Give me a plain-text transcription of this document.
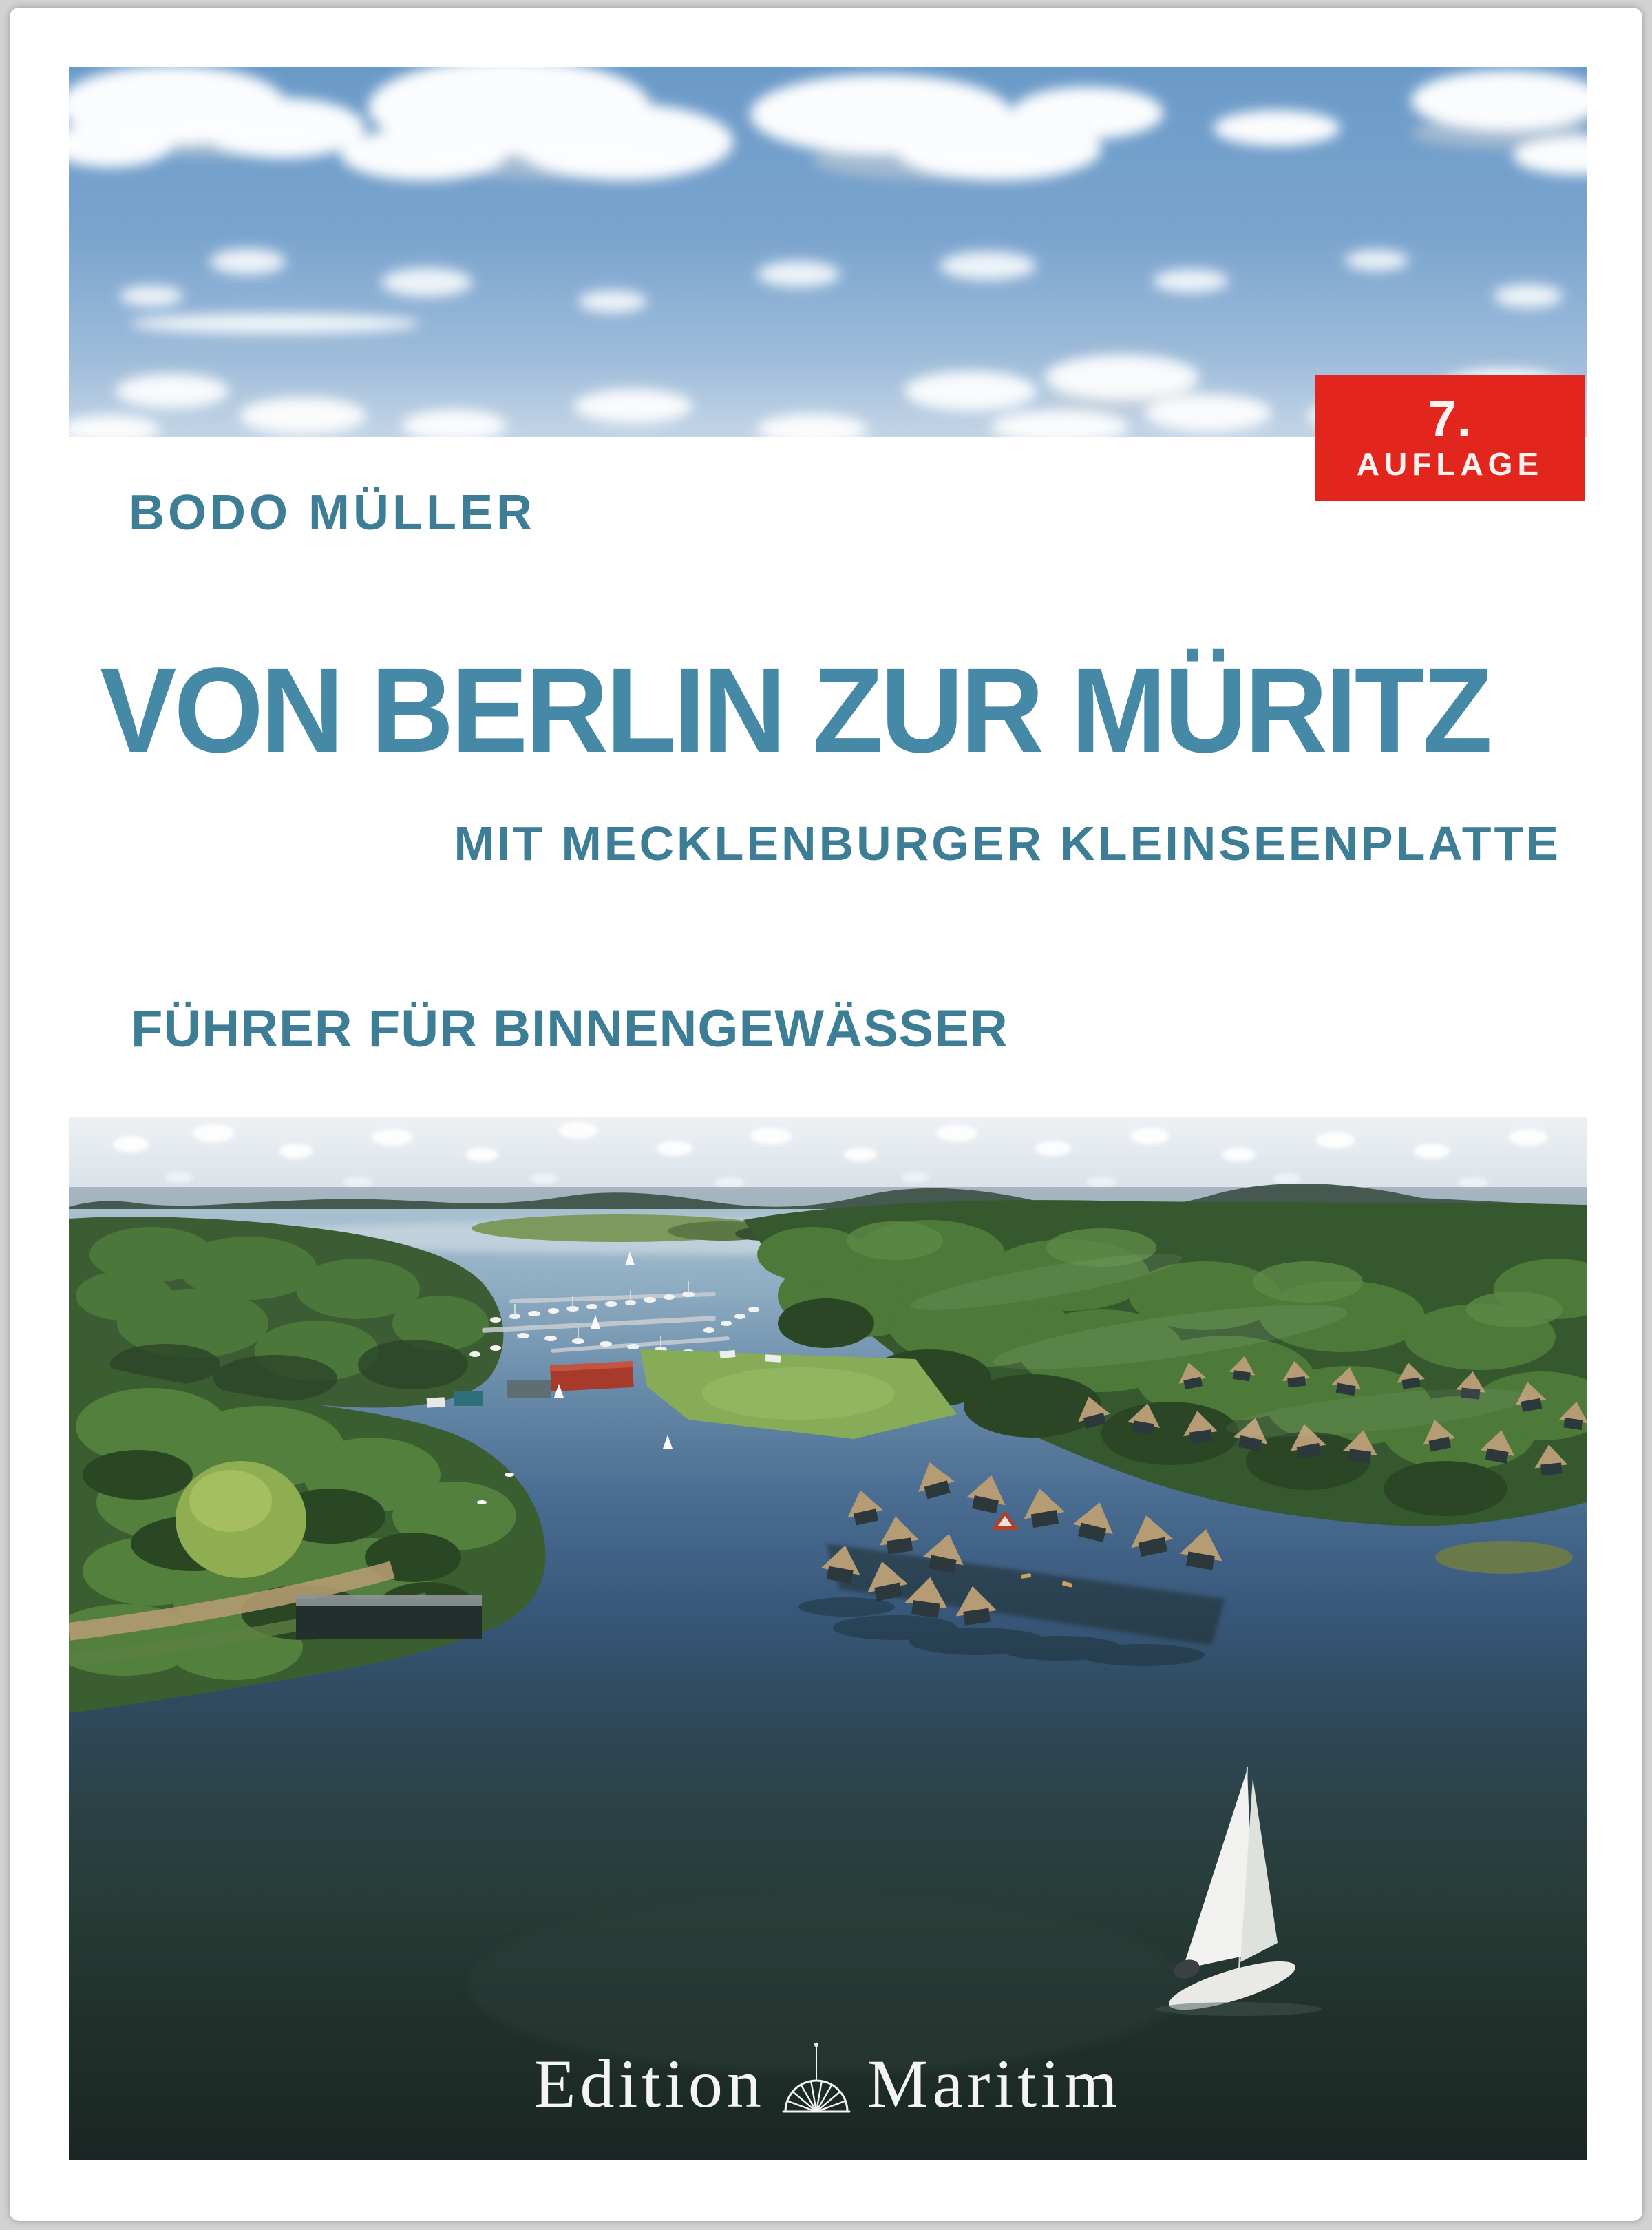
7.
AUFLAGE
BODO MÜLLER
VON BERLIN ZUR MÜRITZ
MIT MECKLENBURGER KLEINSEENPLATTE
FÜHRER FÜR BINNENGEWÄSSER
Edition Maritim
